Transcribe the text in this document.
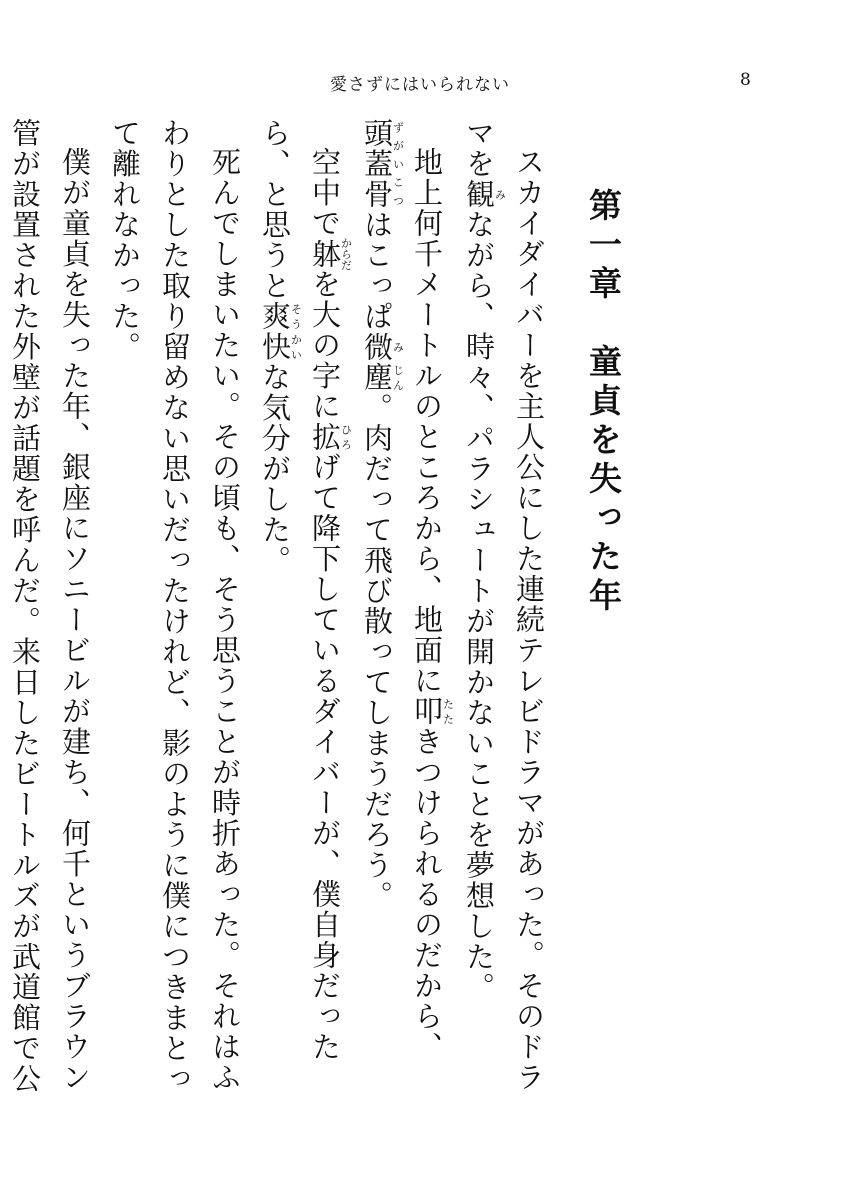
愛さずにはいられない	8
第一章　童貞を失った年

スカイダイバーを主人公にした連続テレビドラマがあった。そのドラマを観みながら、時々、パラシュートが開かないことを夢想した。

地上何千メートルのところから、地面に叩たたきつけられるのだから、頭蓋骨ずがいこつはこっぱ微み塵じん。肉だって飛び散ってしまうだろう。

空中で躰からだを大の字に拡ひろげて降下しているダイバーが、僕自身だったら、と思うと爽快そうかいな気分がした。

死んでしまいたい。その頃も、そう思うことが時折あった。それはふわりとした取り留めない思いだったけれど、影のように僕につきまとって離れなかった。

僕が童貞を失った年、銀座にソニービルが建ち、何千というブラウン管が設置された外壁が話題を呼んだ。来日したビートルズが武道館で公
